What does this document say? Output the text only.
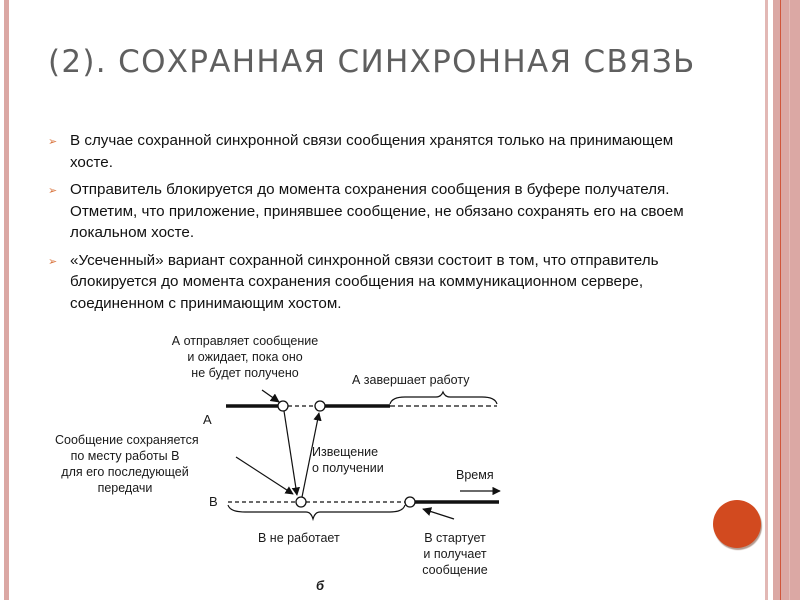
(2). СОХРАННАЯ СИНХРОННАЯ СВЯЗЬ
➢ В случае сохранной синхронной связи сообщения хранятся только на принимающем хосте.
➢ Отправитель блокируется до момента сохранения сообщения в буфере получателя. Отметим, что приложение, принявшее сообщение, не обязано сохранять его на своем локальном хосте.
➢ «Усеченный» вариант сохранной синхронной связи состоит в том, что отправитель блокируется до момента сохранения сообщения на коммуникационном сервере, соединенном с принимающим хостом.
А отправляет сообщение
и ожидает, пока оно
не будет получено	А завершает работу
A
B
Сообщение сохраняется
по месту работы В
для его последующей
передачи
Извещение
о получении	Время
В не работает	В стартует
и получает
сообщение
б
